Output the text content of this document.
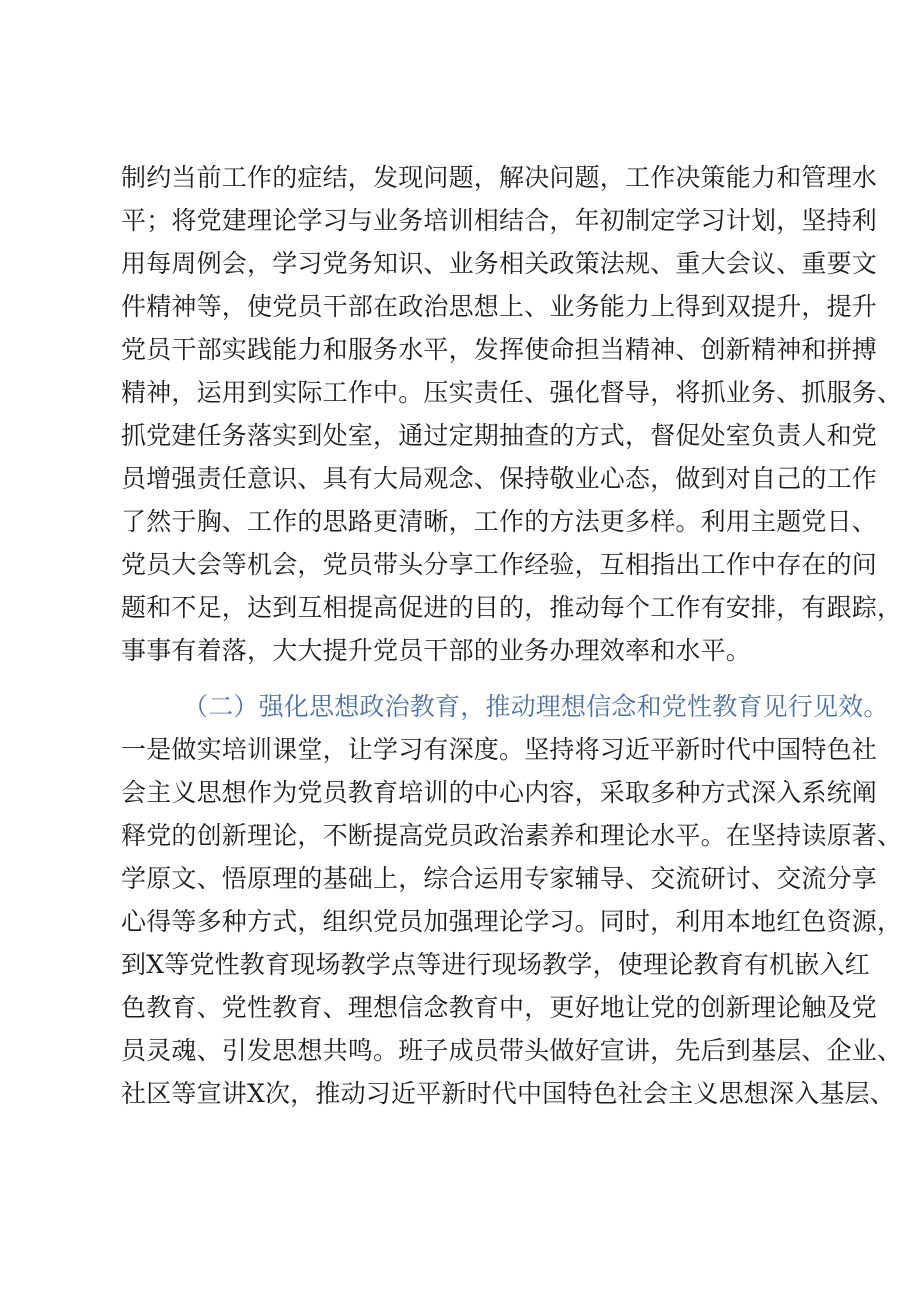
制约当前工作的症结，发现问题，解决问题，工作决策能力和管理水
平；将党建理论学习与业务培训相结合，年初制定学习计划，坚持利
用每周例会，学习党务知识、业务相关政策法规、重大会议、重要文
件精神等，使党员干部在政治思想上、业务能力上得到双提升，提升
党员干部实践能力和服务水平，发挥使命担当精神、创新精神和拼搏
精神，运用到实际工作中。压实责任、强化督导，将抓业务、抓服务、
抓党建任务落实到处室，通过定期抽查的方式，督促处室负责人和党
员增强责任意识、具有大局观念、保持敬业心态，做到对自己的工作
了然于胸、工作的思路更清晰，工作的方法更多样。利用主题党日、
党员大会等机会，党员带头分享工作经验，互相指出工作中存在的问
题和不足，达到互相提高促进的目的，推动每个工作有安排，有跟踪，
事事有着落，大大提升党员干部的业务办理效率和水平。
（二）强化思想政治教育，推动理想信念和党性教育见行见效。
一是做实培训课堂，让学习有深度。坚持将习近平新时代中国特色社
会主义思想作为党员教育培训的中心内容，采取多种方式深入系统阐
释党的创新理论，不断提高党员政治素养和理论水平。在坚持读原著、
学原文、悟原理的基础上，综合运用专家辅导、交流研讨、交流分享
心得等多种方式，组织党员加强理论学习。同时，利用本地红色资源，
到X等党性教育现场教学点等进行现场教学，使理论教育有机嵌入红
色教育、党性教育、理想信念教育中，更好地让党的创新理论触及党
员灵魂、引发思想共鸣。班子成员带头做好宣讲，先后到基层、企业、
社区等宣讲X次，推动习近平新时代中国特色社会主义思想深入基层、
